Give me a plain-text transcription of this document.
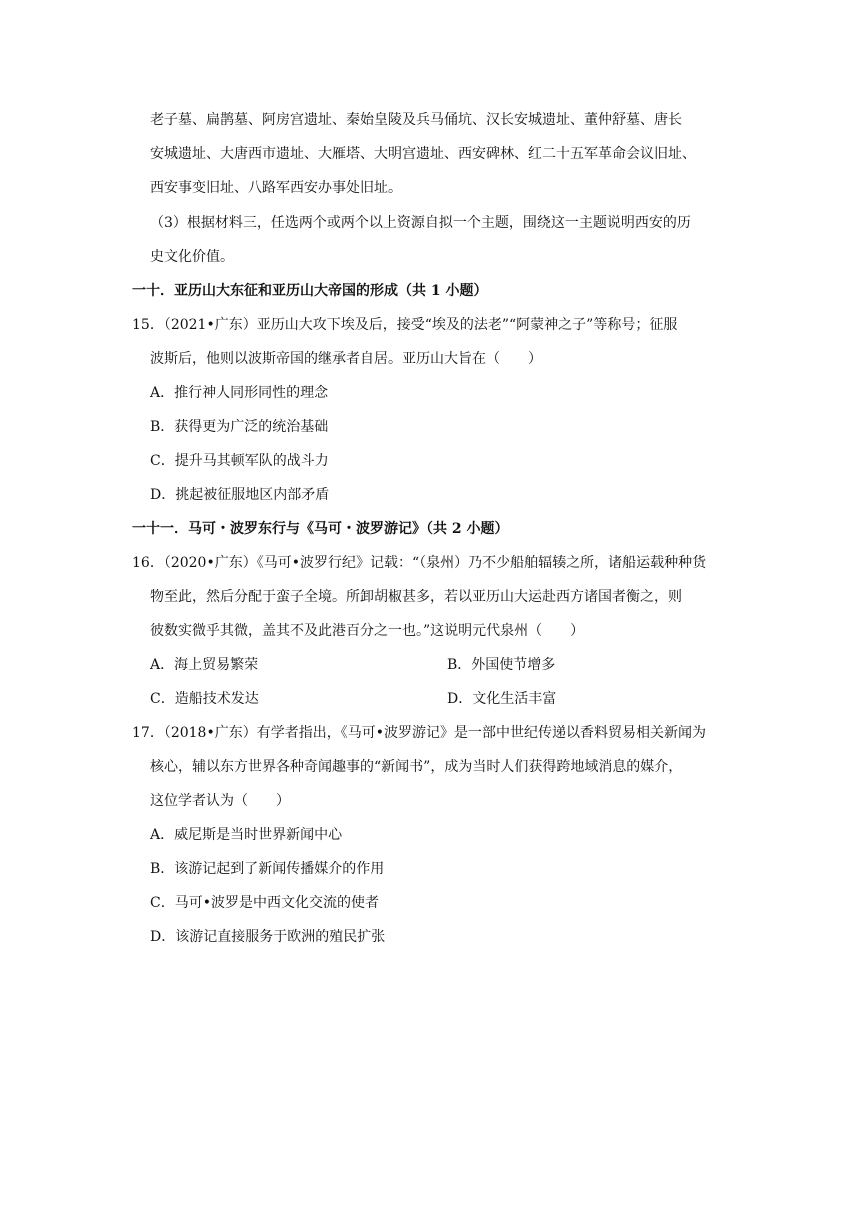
老子墓、扁鹊墓、阿房宫遗址、秦始皇陵及兵马俑坑、汉长安城遗址、董仲舒墓、唐长
安城遗址、大唐西市遗址、大雁塔、大明宫遗址、西安碑林、红二十五军革命会议旧址、
西安事变旧址、八路军西安办事处旧址。
（3）根据材料三，任选两个或两个以上资源自拟一个主题，围绕这一主题说明西安的历
史文化价值。
一十．亚历山大东征和亚历山大帝国的形成（共 1 小题）
15．（2021•广东）亚历山大攻下埃及后，接受“埃及的法老”“阿蒙神之子”等称号；征服
波斯后，他则以波斯帝国的继承者自居。亚历山大旨在（　　）
A．推行神人同形同性的理念
B．获得更为广泛的统治基础
C．提升马其顿军队的战斗力
D．挑起被征服地区内部矛盾
一十一．马可・波罗东行与《马可・波罗游记》（共 2 小题）
16．（2020•广东）《马可•波罗行纪》记载：“（泉州）乃不少船舶辐辏之所，诸船运载种种货
物至此，然后分配于蛮子全境。所卸胡椒甚多，若以亚历山大运赴西方诸国者衡之，则
彼数实微乎其微，盖其不及此港百分之一也。”这说明元代泉州（　　）
A．海上贸易繁荣	B．外国使节增多
C．造船技术发达	D．文化生活丰富
17．（2018•广东）有学者指出，《马可•波罗游记》是一部中世纪传递以香料贸易相关新闻为
核心，辅以东方世界各种奇闻趣事的“新闻书”，成为当时人们获得跨地域消息的媒介，
这位学者认为（　　）
A．威尼斯是当时世界新闻中心
B．该游记起到了新闻传播媒介的作用
C．马可•波罗是中西文化交流的使者
D．该游记直接服务于欧洲的殖民扩张
